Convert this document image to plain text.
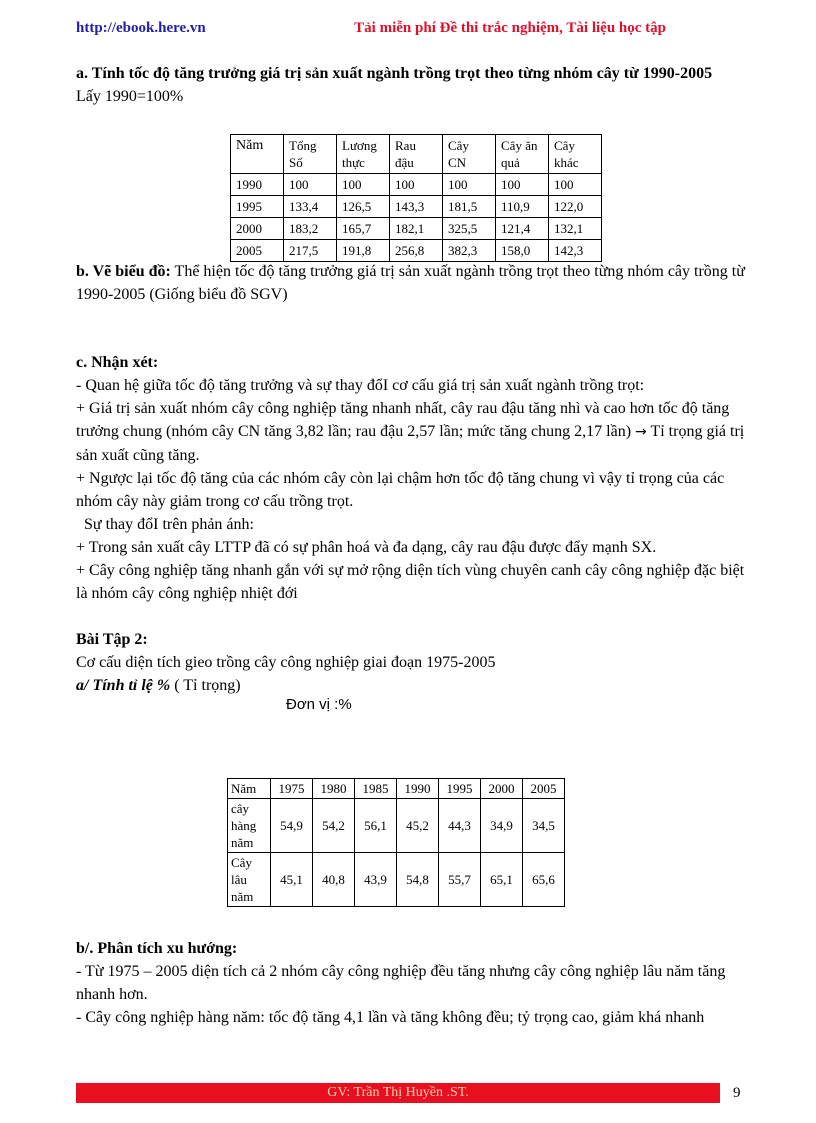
http://ebook.here.vn	Tải miễn phí Đề thi trắc nghiệm, Tài liệu học tập

a. Tính tốc độ tăng trưởng giá trị sản xuất ngành trồng trọt theo từng nhóm cây từ 1990-2005

Lấy 1990=100%

Năm	Tổng Số	Lương thực	Rau đậu	Cây CN	Cây ăn quả	Cây khác
1990	100	100	100	100	100	100
1995	133,4	126,5	143,3	181,5	110,9	122,0
2000	183,2	165,7	182,1	325,5	121,4	132,1
2005	217,5	191,8	256,8	382,3	158,0	142,3

b. Vẽ biểu đồ: Thể hiện tốc độ tăng trưởng giá trị sản xuất ngành trồng trọt theo từng nhóm cây trồng từ 1990-2005 (Giống biểu đồ SGV)

c. Nhận xét:

- Quan hệ giữa tốc độ tăng trưởng và sự thay đổI cơ cấu giá trị sản xuất ngành trồng trọt:

+ Giá trị sản xuất nhóm cây công nghiệp tăng nhanh nhất, cây rau đậu tăng nhì và cao hơn tốc độ tăng trưởng chung (nhóm cây CN tăng 3,82 lần; rau đậu 2,57 lần; mức tăng chung 2,17 lần) → Tỉ trọng giá trị sản xuất cũng tăng.

+ Ngược lại tốc độ tăng của các nhóm cây còn lại chậm hơn tốc độ tăng chung vì vậy tỉ trọng của các nhóm cây này giảm trong cơ cấu trồng trọt.

Sự thay đổI trên phản ánh:

+ Trong sản xuất cây LTTP đã có sự phân hoá và đa dạng, cây rau đậu được đẩy mạnh SX.

+ Cây công nghiệp tăng nhanh gắn với sự mở rộng diện tích vùng chuyên canh cây công nghiệp đặc biệt là nhóm cây công nghiệp nhiệt đới

Bài Tập 2:

Cơ cấu diện tích gieo trồng cây công nghiệp giai đoạn 1975-2005

a/ Tính tỉ lệ % ( Tỉ trọng)

Đơn vị :%
Năm	1975	1980	1985	1990	1995	2000	2005
cây hàng năm	54,9	54,2	56,1	45,2	44,3	34,9	34,5
Cây lâu năm	45,1	40,8	43,9	54,8	55,7	65,1	65,6

b/. Phân tích xu hướng:

- Từ 1975 – 2005 diện tích cả 2 nhóm cây công nghiệp đều tăng nhưng cây công nghiệp lâu năm tăng nhanh hơn.

- Cây công nghiệp hàng năm: tốc độ tăng 4,1 lần và tăng không đều; tỷ trọng cao, giảm khá nhanh

GV: Trần Thị Huyền .ST.	9
